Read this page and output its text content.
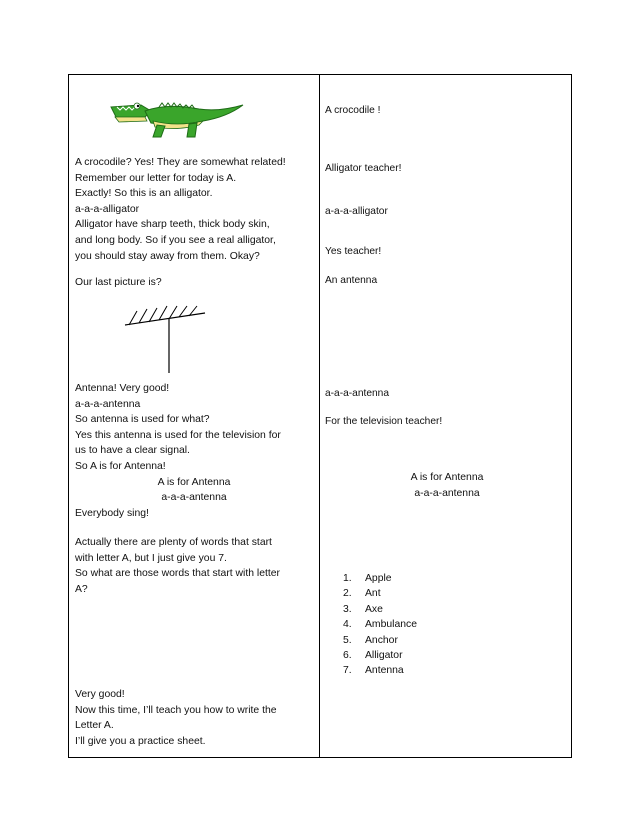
A crocodile? Yes! They are somewhat related!
Remember our letter for today is A.
Exactly! So this is an alligator.
a-a-a-alligator
Alligator have sharp teeth, thick body skin,
and long body. So if you see a real alligator,
you should stay away from them. Okay?
Our last picture is?
Antenna! Very good!
a-a-a-antenna
So antenna is used for what?
Yes this antenna is used for the television for
us to have a clear signal.
So A is for Antenna!
A is for Antenna
a-a-a-antenna
Everybody sing!
Actually there are plenty of words that start
with letter A, but I just give you 7.
So what are those words that start with letter
A?
Very good!
Now this time, I’ll teach you how to write the
Letter A.
I’ll give you a practice sheet.
A crocodile !
Alligator teacher!
a-a-a-alligator
Yes teacher!
An antenna
a-a-a-antenna
For the television teacher!
A is for Antenna
a-a-a-antenna
1. Apple
2. Ant
3. Axe
4. Ambulance
5. Anchor
6. Alligator
7. Antenna
